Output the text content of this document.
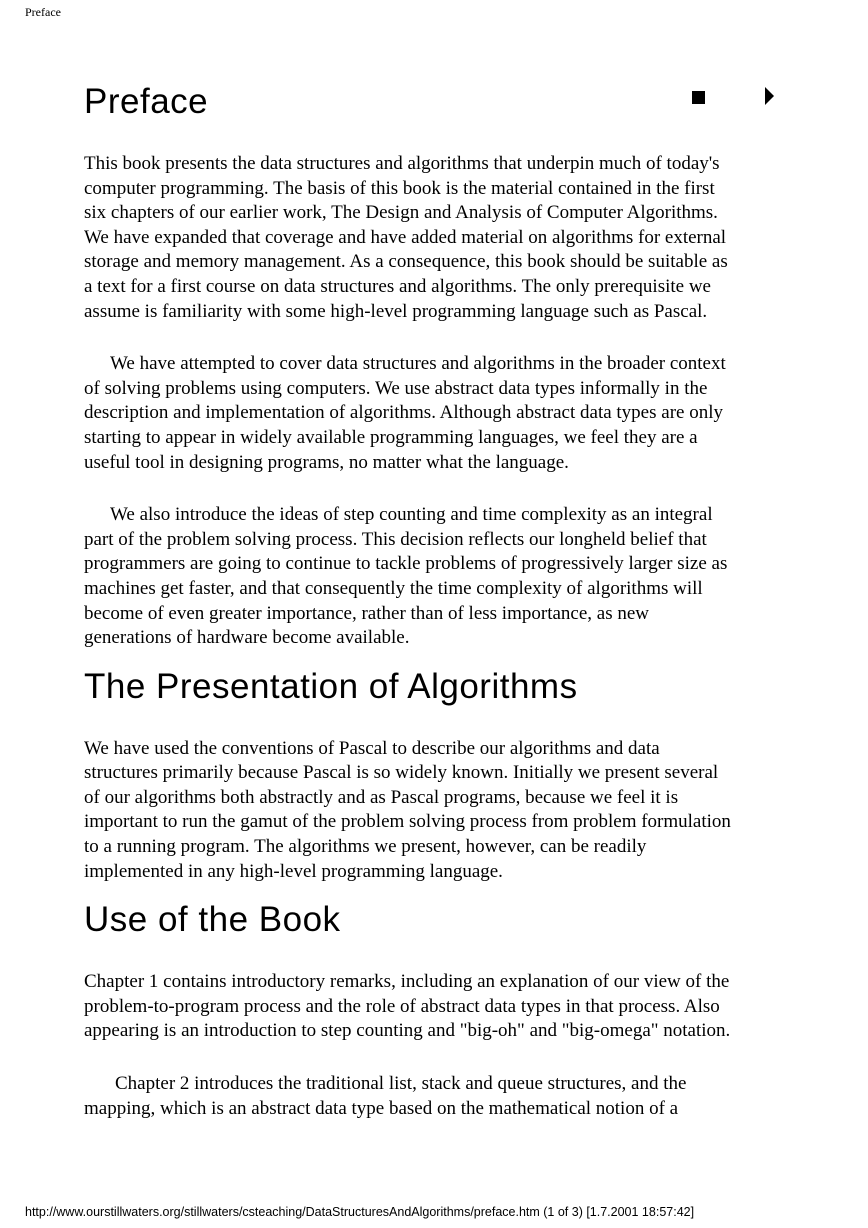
Preface
Preface

This book presents the data structures and algorithms that underpin much of today's
computer programming. The basis of this book is the material contained in the first
six chapters of our earlier work, The Design and Analysis of Computer Algorithms.
We have expanded that coverage and have added material on algorithms for external
storage and memory management. As a consequence, this book should be suitable as
a text for a first course on data structures and algorithms. The only prerequisite we
assume is familiarity with some high-level programming language such as Pascal.

We have attempted to cover data structures and algorithms in the broader context
of solving problems using computers. We use abstract data types informally in the
description and implementation of algorithms. Although abstract data types are only
starting to appear in widely available programming languages, we feel they are a
useful tool in designing programs, no matter what the language.

We also introduce the ideas of step counting and time complexity as an integral
part of the problem solving process. This decision reflects our longheld belief that
programmers are going to continue to tackle problems of progressively larger size as
machines get faster, and that consequently the time complexity of algorithms will
become of even greater importance, rather than of less importance, as new
generations of hardware become available.

The Presentation of Algorithms

We have used the conventions of Pascal to describe our algorithms and data
structures primarily because Pascal is so widely known. Initially we present several
of our algorithms both abstractly and as Pascal programs, because we feel it is
important to run the gamut of the problem solving process from problem formulation
to a running program. The algorithms we present, however, can be readily
implemented in any high-level programming language.

Use of the Book

Chapter 1 contains introductory remarks, including an explanation of our view of the
problem-to-program process and the role of abstract data types in that process. Also
appearing is an introduction to step counting and "big-oh" and "big-omega" notation.

Chapter 2 introduces the traditional list, stack and queue structures, and the
mapping, which is an abstract data type based on the mathematical notion of a

http://www.ourstillwaters.org/stillwaters/csteaching/DataStructuresAndAlgorithms/preface.htm (1 of 3) [1.7.2001 18:57:42]
